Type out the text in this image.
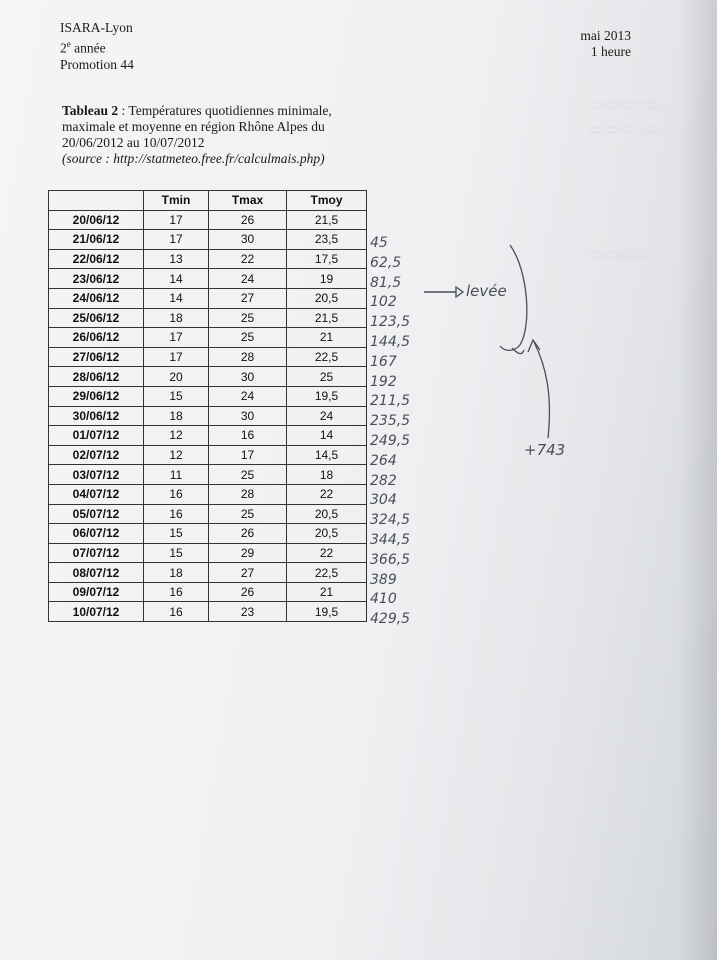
▭▭▭▭▭
▭▭▭▭▭
▭▭▭▭
ISARA-Lyon
2e année
Promotion 44
mai 2013
1 heure
Tableau 2 : Températures quotidiennes minimale, maximale et moyenne en région Rhône Alpes du 20/06/2012 au 10/07/2012
(source : http://statmeteo.free.fr/calculmais.php)
	Tmin	Tmax	Tmoy
20/06/12	17	26	21,5
21/06/12	17	30	23,5
22/06/12	13	22	17,5
23/06/12	14	24	19
24/06/12	14	27	20,5
25/06/12	18	25	21,5
26/06/12	17	25	21
27/06/12	17	28	22,5
28/06/12	20	30	25
29/06/12	15	24	19,5
30/06/12	18	30	24
01/07/12	12	16	14
02/07/12	12	17	14,5
03/07/12	11	25	18
04/07/12	16	28	22
05/07/12	16	25	20,5
06/07/12	15	26	20,5
07/07/12	15	29	22
08/07/12	18	27	22,5
09/07/12	16	26	21
10/07/12	16	23	19,5
45
62,5
81,5
102
123,5
144,5
167
192
211,5
235,5
249,5
264
282
304
324,5
344,5
366,5
389
410
429,5
levée
+743
